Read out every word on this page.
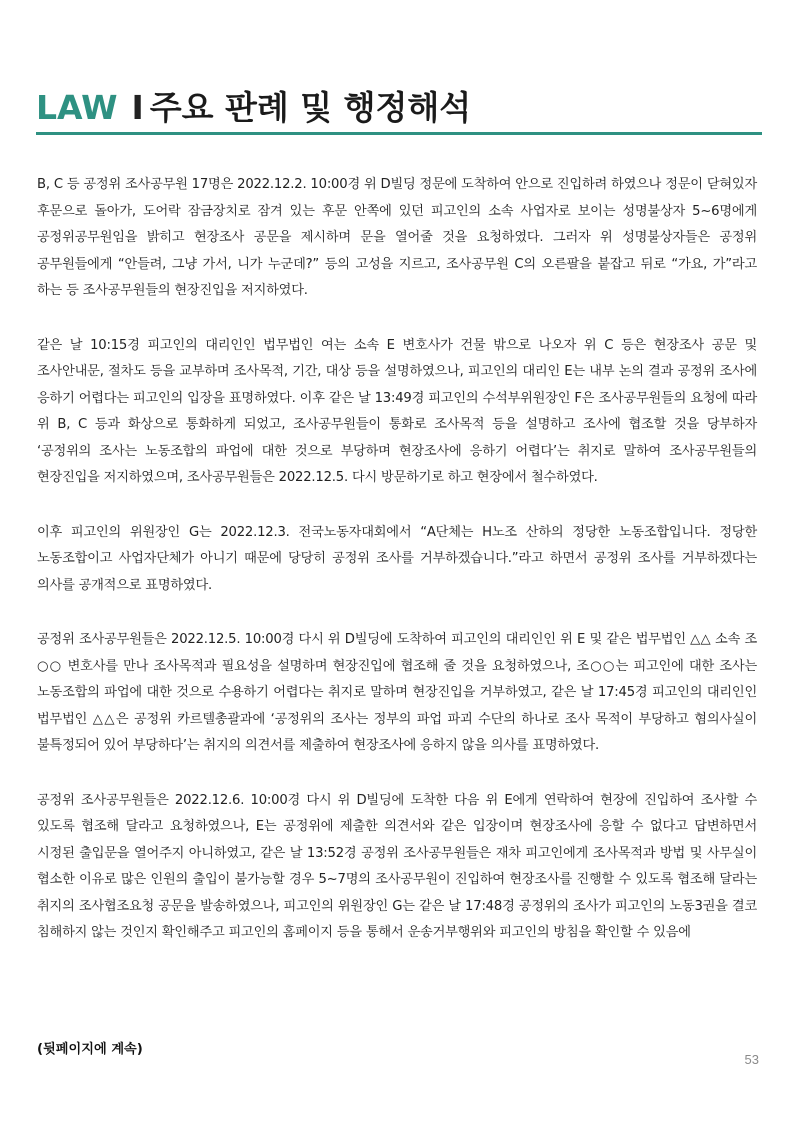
LAW I 주요 판례 및 행정해석

B, C 등 공정위 조사공무원 17명은 2022.12.2. 10:00경 위 D빌딩 정문에 도착하여 안으로 진입하려 하였으나 정문이 닫혀있자 후문으로 돌아가, 도어락 잠금장치로 잠겨 있는 후문 안쪽에 있던 피고인의 소속 사업자로 보이는 성명불상자 5~6명에게 공정위공무원임을 밝히고 현장조사 공문을 제시하며 문을 열어줄 것을 요청하였다. 그러자 위 성명불상자들은 공정위 공무원들에게 “안들려, 그냥 가서, 니가 누군데?” 등의 고성을 지르고, 조사공무원 C의 오른팔을 붙잡고 뒤로 “가요, 가”라고 하는 등 조사공무원들의 현장진입을 저지하였다.

같은 날 10:15경 피고인의 대리인인 법무법인 여는 소속 E 변호사가 건물 밖으로 나오자 위 C 등은 현장조사 공문 및 조사안내문, 절차도 등을 교부하며 조사목적, 기간, 대상 등을 설명하였으나, 피고인의 대리인 E는 내부 논의 결과 공정위 조사에 응하기 어렵다는 피고인의 입장을 표명하였다. 이후 같은 날 13:49경 피고인의 수석부위원장인 F은 조사공무원들의 요청에 따라 위 B, C 등과 화상으로 통화하게 되었고, 조사공무원들이 통화로 조사목적 등을 설명하고 조사에 협조할 것을 당부하자 ‘공정위의 조사는 노동조합의 파업에 대한 것으로 부당하며 현장조사에 응하기 어렵다’는 취지로 말하여 조사공무원들의 현장진입을 저지하였으며, 조사공무원들은 2022.12.5. 다시 방문하기로 하고 현장에서 철수하였다.

이후 피고인의 위원장인 G는 2022.12.3. 전국노동자대회에서 “A단체는 H노조 산하의 정당한 노동조합입니다. 정당한 노동조합이고 사업자단체가 아니기 때문에 당당히 공정위 조사를 거부하겠습니다.”라고 하면서 공정위 조사를 거부하겠다는 의사를 공개적으로 표명하였다.

공정위 조사공무원들은 2022.12.5. 10:00경 다시 위 D빌딩에 도착하여 피고인의 대리인인 위 E 및 같은 법무법인 △△ 소속 조○○ 변호사를 만나 조사목적과 필요성을 설명하며 현장진입에 협조해 줄 것을 요청하였으나, 조○○는 피고인에 대한 조사는 노동조합의 파업에 대한 것으로 수용하기 어렵다는 취지로 말하며 현장진입을 거부하였고, 같은 날 17:45경 피고인의 대리인인 법무법인 △△은 공정위 카르텔총괄과에 ‘공정위의 조사는 정부의 파업 파괴 수단의 하나로 조사 목적이 부당하고 혐의사실이 불특정되어 있어 부당하다’는 취지의 의견서를 제출하여 현장조사에 응하지 않을 의사를 표명하였다.

공정위 조사공무원들은 2022.12.6. 10:00경 다시 위 D빌딩에 도착한 다음 위 E에게 연락하여 현장에 진입하여 조사할 수 있도록 협조해 달라고 요청하였으나, E는 공정위에 제출한 의견서와 같은 입장이며 현장조사에 응할 수 없다고 답변하면서 시정된 출입문을 열어주지 아니하였고, 같은 날 13:52경 공정위 조사공무원들은 재차 피고인에게 조사목적과 방법 및 사무실이 협소한 이유로 많은 인원의 출입이 불가능할 경우 5~7명의 조사공무원이 진입하여 현장조사를 진행할 수 있도록 협조해 달라는 취지의 조사협조요청 공문을 발송하였으나, 피고인의 위원장인 G는 같은 날 17:48경 공정위의 조사가 피고인의 노동3권을 결코 침해하지 않는 것인지 확인해주고 피고인의 홈페이지 등을 통해서 운송거부행위와 피고인의 방침을 확인할 수 있음에

(뒷페이지에 계속)
53
